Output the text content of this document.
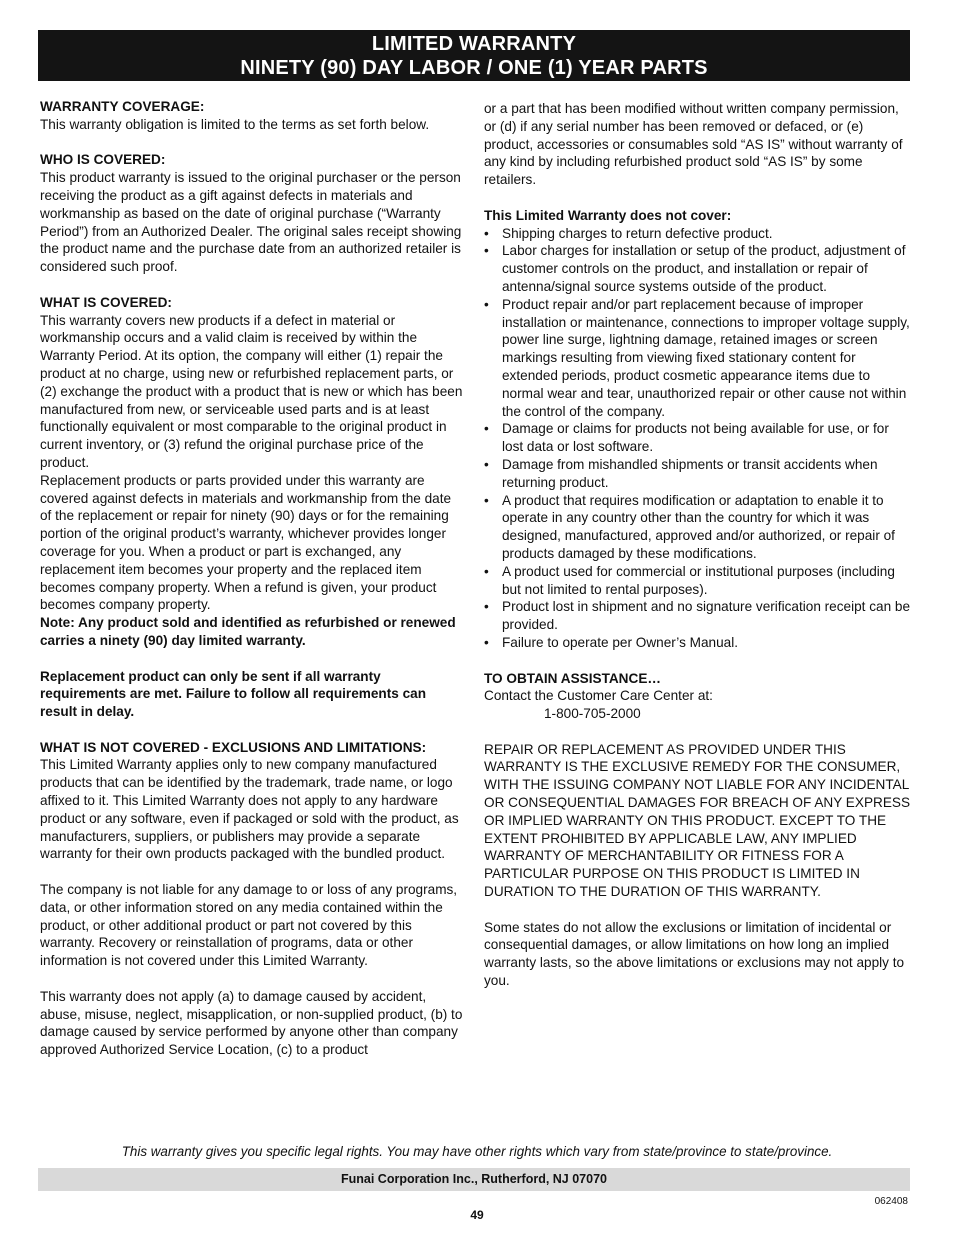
LIMITED WARRANTY
NINETY (90) DAY LABOR / ONE (1) YEAR PARTS

WARRANTY COVERAGE:

This warranty obligation is limited to the terms as set forth below.

WHO IS COVERED:

This product warranty is issued to the original purchaser or the person receiving the product as a gift against defects in materials and workmanship as based on the date of original purchase (“Warranty Period”) from an Authorized Dealer. The original sales receipt showing the product name and the purchase date from an authorized retailer is considered such proof.

WHAT IS COVERED:

This warranty covers new products if a defect in material or workmanship occurs and a valid claim is received by within the Warranty Period. At its option, the company will either (1) repair the product at no charge, using new or refurbished replacement parts, or (2) exchange the product with a product that is new or which has been manufactured from new, or serviceable used parts and is at least functionally equivalent or most comparable to the original product in current inventory, or (3) refund the original purchase price of the product.

Replacement products or parts provided under this warranty are covered against defects in materials and workmanship from the date of the replacement or repair for ninety (90) days or for the remaining portion of the original product’s warranty, whichever provides longer coverage for you. When a product or part is exchanged, any replacement item becomes your property and the replaced item becomes company property. When a refund is given, your product becomes company property.

Note: Any product sold and identified as refurbished or renewed carries a ninety (90) day limited warranty.

Replacement product can only be sent if all warranty requirements are met. Failure to follow all requirements can result in delay.

WHAT IS NOT COVERED - EXCLUSIONS AND LIMITATIONS:

This Limited Warranty applies only to new company manufactured products that can be identified by the trademark, trade name, or logo affixed to it. This Limited Warranty does not apply to any hardware product or any software, even if packaged or sold with the product, as manufacturers, suppliers, or publishers may provide a separate warranty for their own products packaged with the bundled product.

The company is not liable for any damage to or loss of any programs, data, or other information stored on any media contained within the product, or other additional product or part not covered by this warranty. Recovery or reinstallation of programs, data or other information is not covered under this Limited Warranty.

This warranty does not apply (a) to damage caused by accident, abuse, misuse, neglect, misapplication, or non-supplied product, (b) to damage caused by service performed by anyone other than company approved Authorized Service Location, (c) to a product

or a part that has been modified without written company permission, or (d) if any serial number has been removed or defaced, or (e) product, accessories or consumables sold “AS IS” without warranty of any kind by including refurbished product sold “AS IS” by some retailers.

This Limited Warranty does not cover:

• Shipping charges to return defective product.
• Labor charges for installation or setup of the product, adjustment of customer controls on the product, and installation or repair of antenna/signal source systems outside of the product.
• Product repair and/or part replacement because of improper installation or maintenance, connections to improper voltage supply, power line surge, lightning damage, retained images or screen markings resulting from viewing fixed stationary content for extended periods, product cosmetic appearance items due to normal wear and tear, unauthorized repair or other cause not within the control of the company.
• Damage or claims for products not being available for use, or for lost data or lost software.
• Damage from mishandled shipments or transit accidents when returning product.
• A product that requires modification or adaptation to enable it to operate in any country other than the country for which it was designed, manufactured, approved and/or authorized, or repair of products damaged by these modifications.
• A product used for commercial or institutional purposes (including but not limited to rental purposes).
• Product lost in shipment and no signature verification receipt can be provided.
• Failure to operate per Owner’s Manual.

TO OBTAIN ASSISTANCE…

Contact the Customer Care Center at:

1-800-705-2000

REPAIR OR REPLACEMENT AS PROVIDED UNDER THIS WARRANTY IS THE EXCLUSIVE REMEDY FOR THE CONSUMER, WITH THE ISSUING COMPANY NOT LIABLE FOR ANY INCIDENTAL OR CONSEQUENTIAL DAMAGES FOR BREACH OF ANY EXPRESS OR IMPLIED WARRANTY ON THIS PRODUCT. EXCEPT TO THE EXTENT PROHIBITED BY APPLICABLE LAW, ANY IMPLIED WARRANTY OF MERCHANTABILITY OR FITNESS FOR A PARTICULAR PURPOSE ON THIS PRODUCT IS LIMITED IN DURATION TO THE DURATION OF THIS WARRANTY.

Some states do not allow the exclusions or limitation of incidental or consequential damages, or allow limitations on how long an implied warranty lasts, so the above limitations or exclusions may not apply to you.

This warranty gives you specific legal rights. You may have other rights which vary from state/province to state/province.
Funai Corporation Inc., Rutherford, NJ 07070
062408
49
